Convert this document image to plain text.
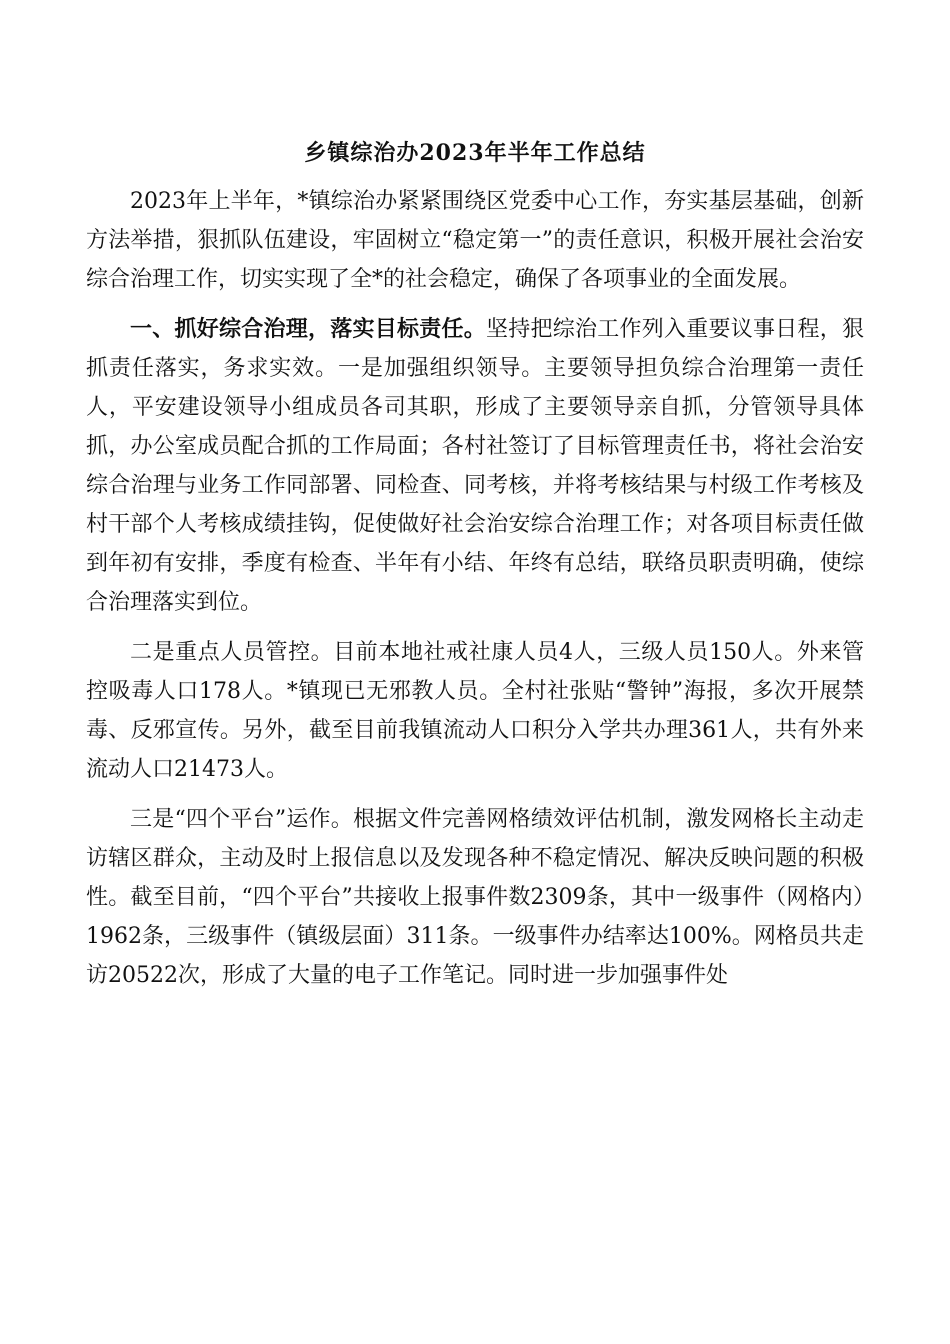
乡镇综治办2023年半年工作总结

2023年上半年，*镇综治办紧紧围绕区党委中心工作，夯实基层基础，创新方法举措，狠抓队伍建设，牢固树立“稳定第一”的责任意识，积极开展社会治安综合治理工作，切实实现了全*的社会稳定，确保了各项事业的全面发展。

一、抓好综合治理，落实目标责任。坚持把综治工作列入重要议事日程，狠抓责任落实，务求实效。一是加强组织领导。主要领导担负综合治理第一责任人，平安建设领导小组成员各司其职，形成了主要领导亲自抓，分管领导具体抓，办公室成员配合抓的工作局面；各村社签订了目标管理责任书，将社会治安综合治理与业务工作同部署、同检查、同考核，并将考核结果与村级工作考核及村干部个人考核成绩挂钩，促使做好社会治安综合治理工作；对各项目标责任做到年初有安排，季度有检查、半年有小结、年终有总结，联络员职责明确，使综合治理落实到位。

二是重点人员管控。目前本地社戒社康人员4人，三级人员150人。外来管控吸毒人口178人。*镇现已无邪教人员。全村社张贴“警钟”海报，多次开展禁毒、反邪宣传。另外，截至目前我镇流动人口积分入学共办理361人，共有外来流动人口21473人。

三是“四个平台”运作。根据文件完善网格绩效评估机制，激发网格长主动走访辖区群众，主动及时上报信息以及发现各种不稳定情况、解决反映问题的积极性。截至目前，“四个平台”共接收上报事件数2309条，其中一级事件（网格内）1962条，三级事件（镇级层面）311条。一级事件办结率达100%。网格员共走访20522次，形成了大量的电子工作笔记。同时进一步加强事件处
